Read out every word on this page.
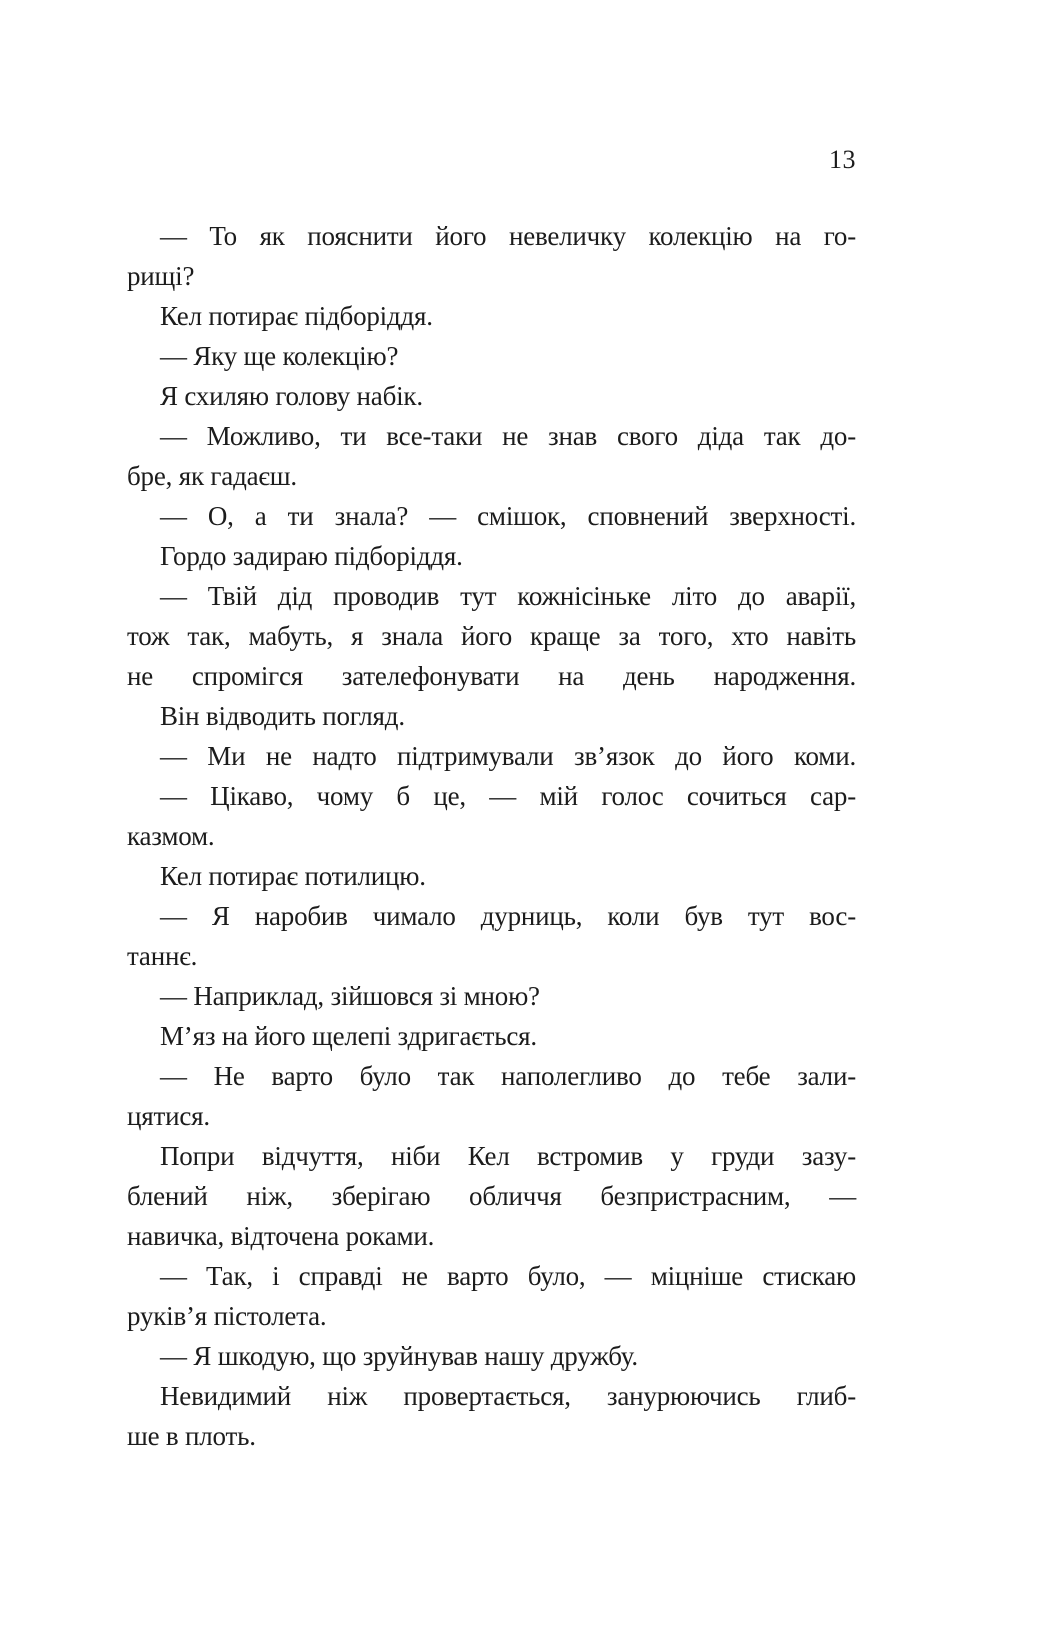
13

— То як пояснити його невеличку колекцію на го-
рищі?

Кел потирає підборіддя.

— Яку ще колекцію?

Я схиляю голову набік.

— Можливо, ти все-таки не знав свого діда так до-
бре, як гадаєш.

— О, а ти знала? — смішок, сповнений зверхності.

Гордо задираю підборіддя.

— Твій дід проводив тут кожнісіньке літо до аварії,
тож так, мабуть, я знала його краще за того, хто навіть
не спромігся зателефонувати на день народження.

Він відводить погляд.

— Ми не надто підтримували зв’язок до його коми.

— Цікаво, чому б це, — мій голос сочиться сар-
казмом.

Кел потирає потилицю.

— Я наробив чимало дурниць, коли був тут вос-
таннє.

— Наприклад, зійшовся зі мною?

М’яз на його щелепі здригається.

— Не варто було так наполегливо до тебе зали-
цятися.

Попри відчуття, ніби Кел встромив у груди зазу-
блений ніж, зберігаю обличчя безпристрасним, —
навичка, відточена роками.

— Так, і справді не варто було, — міцніше стискаю
руків’я пістолета.

— Я шкодую, що зруйнував нашу дружбу.

Невидимий ніж провертається, занурюючись глиб-
ше в плоть.
